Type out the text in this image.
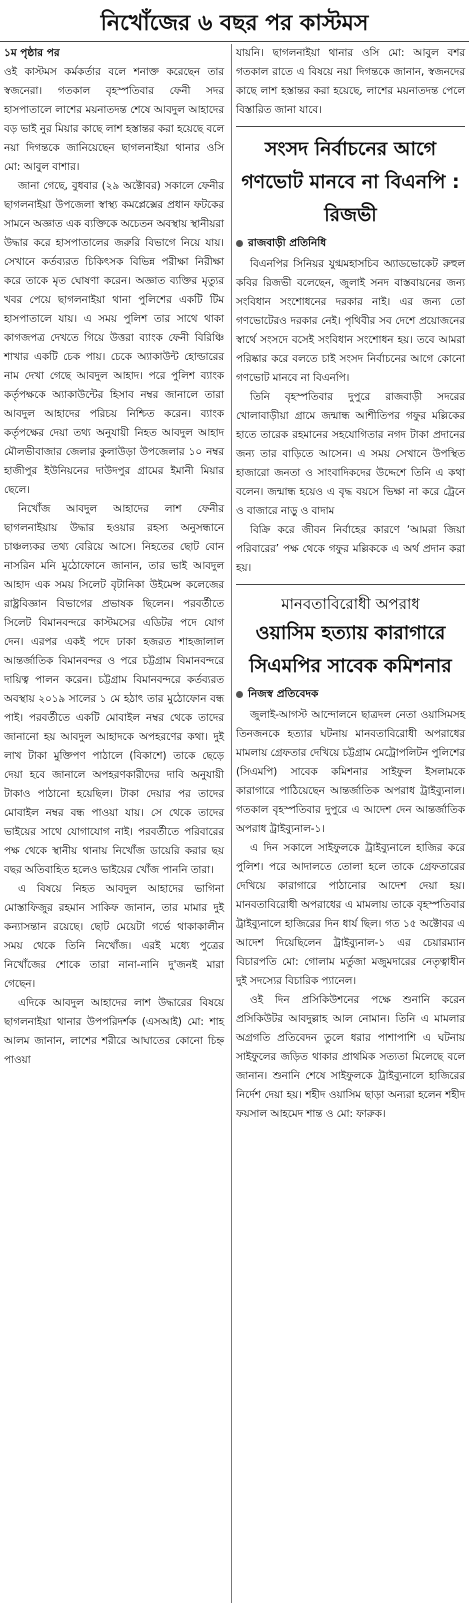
নিখোঁজের ৬ বছর পর কাস্টমস
১ম পৃষ্ঠার পর

ওই কাস্টমস কর্মকর্তার বলে শনাক্ত করেছেন তার স্বজনেরা। গতকাল বৃহস্পতিবার ফেনী সদর হাসপাতালে লাশের ময়নাতদন্ত শেষে আবদুল আহাদের বড় ভাই নুর মিয়ার কাছে লাশ হস্তান্তর করা হয়েছে বলে নয়া দিগন্তকে জানিয়েছেন ছাগলনাইয়া থানার ওসি মো: আবুল বাশার।

জানা গেছে, বুধবার (২৯ অক্টোবর) সকালে ফেনীর ছাগলনাইয়া উপজেলা স্বাস্থ্য কমপ্লেক্সের প্রধান ফটকের সামনে অজ্ঞাত এক ব্যক্তিকে অচেতন অবস্থায় স্থানীয়রা উদ্ধার করে হাসপাতালের জরুরি বিভাগে নিয়ে যায়। সেখানে কর্তব্যরত চিকিৎসক বিভিন্ন পরীক্ষা নিরীক্ষা করে তাকে মৃত ঘোষণা করেন। অজ্ঞাত ব্যক্তির মৃত্যুর খবর পেয়ে ছাগলনাইয়া থানা পুলিশের একটি টিম হাসপাতালে যায়। এ সময় পুলিশ তার সাথে থাকা কাগজপত্র দেখতে গিয়ে উত্তরা ব্যাংক ফেনী বিরিঞ্চি শাখার একটি চেক পায়। চেকে অ্যাকাউন্ট হোল্ডারের নাম দেখা গেছে আবদুল আহাদ। পরে পুলিশ ব্যাংক কর্তৃপক্ষকে অ্যাকাউন্টের হিসাব নম্বর জানালে তারা আবদুল আহাদের পরিচয় নিশ্চিত করেন। ব্যাংক কর্তৃপক্ষের দেয়া তথ্য অনুযায়ী নিহত আবদুল আহাদ মৌলভীবাজার জেলার কুলাউড়া উপজেলার ১০ নম্বর হাজীপুর ইউনিয়নের দাউদপুর গ্রামের ইমানী মিয়ার ছেলে।

নিখোঁজ আবদুল আহাদের লাশ ফেনীর ছাগলনাইয়ায় উদ্ধার হওয়ার রহস্য অনুসন্ধানে চাঞ্চল্যকর তথ্য বেরিয়ে আসে। নিহতের ছোট বোন নাসরিন মনি মুঠোফোনে জানান, তার ভাই আবদুল আহাদ এক সময় সিলেট বৃটানিকা উইমেন্স কলেজের রাষ্ট্রবিজ্ঞান বিভাগের প্রভাষক ছিলেন। পরবর্তীতে সিলেট বিমানবন্দরে কাস্টমসের এডিটর পদে যোগ দেন। এরপর একই পদে ঢাকা হজরত শাহজালাল আন্তর্জাতিক বিমানবন্দর ও পরে চট্টগ্রাম বিমানবন্দরে দায়িত্ব পালন করেন। চট্টগ্রাম বিমানবন্দরে কর্তব্যরত অবস্থায় ২০১৯ সালের ১ মে হঠাৎ তার মুঠোফোন বন্ধ পাই। পরবর্তীতে একটি মোবাইল নম্বর থেকে তাদের জানানো হয় আবদুল আহাদকে অপহরণের কথা। দুই লাখ টাকা মুক্তিপণ পাঠালে (বিকাশে) তাকে ছেড়ে দেয়া হবে জানালে অপহরণকারীদের দাবি অনুযায়ী টাকাও পাঠানো হয়েছিল। টাকা দেয়ার পর তাদের মোবাইল নম্বর বন্ধ পাওয়া যায়। সে থেকে তাদের ভাইয়ের সাথে যোগাযোগ নাই। পরবর্তীতে পরিবারের পক্ষ থেকে স্থানীয় থানায় নিখোঁজ ডায়েরি করার ছয় বছর অতিবাহিত হলেও ভাইয়ের খোঁজ পাননি তারা।

এ বিষয়ে নিহত আবদুল আহাদের ভাগিনা মোস্তাফিজুর রহমান সাকিফ জানান, তার মামার দুই কন্যাসন্তান রয়েছে। ছোট মেয়েটা গর্ভে থাকাকালীন সময় থেকে তিনি নিখোঁজ। এরই মধ্যে পুত্রের নিখোঁজের শোকে তারা নানা-নানি দু'জনই মারা গেছেন।

এদিকে আবদুল আহাদের লাশ উদ্ধারের বিষয়ে ছাগলনাইয়া থানার উপপরিদর্শক (এসআই) মো: শাহ আলম জানান, লাশের শরীরে আঘাতের কোনো চিহ্ন পাওয়া

যায়নি। ছাগলনাইয়া থানার ওসি মো: আবুল বশর গতকাল রাতে এ বিষয়ে নয়া দিগন্তকে জানান, স্বজনদের কাছে লাশ হস্তান্তর করা হয়েছে, লাশের ময়নাতদন্ত পেলে বিস্তারিত জানা যাবে।

সংসদ নির্বাচনের আগে গণভোট মানবে না বিএনপি : রিজভী
রাজবাড়ী প্রতিনিধি

বিএনপির সিনিয়র যুগ্মমহাসচিব অ্যাডভোকেট রুহুল কবির রিজভী বলেছেন, জুলাই সনদ বাস্তবায়নের জন্য সংবিধান সংশোধনের দরকার নাই। এর জন্য তো গণভোটেরও দরকার নেই। পৃথিবীর সব দেশে প্রয়োজনের স্বার্থে সংসদে বসেই সংবিধান সংশোধন হয়। তবে আমরা পরিষ্কার করে বলতে চাই সংসদ নির্বাচনের আগে কোনো গণভোট মানবে না বিএনপি।

তিনি বৃহস্পতিবার দুপুরে রাজবাড়ী সদরের খোলাবাড়ীয়া গ্রামে জন্মান্ধ আশীতিপর গফুর মল্লিকের হাতে তারেক রহমানের সহযোগিতার নগদ টাকা প্রদানের জন্য তার বাড়িতে আসেন। এ সময় সেখানে উপস্থিত হাজারো জনতা ও সাংবাদিকদের উদ্দেশে তিনি এ কথা বলেন। জন্মান্ধ হয়েও এ বৃদ্ধ বয়সে ভিক্ষা না করে ট্রেনে ও বাজারে নাড়ু ও বাদাম

বিক্রি করে জীবন নির্বাহের কারণে ‘আমরা জিয়া পরিবারের’ পক্ষ থেকে গফুর মল্লিককে এ অর্থ প্রদান করা হয়।

মানবতাবিরোধী অপরাধ
ওয়াসিম হত্যায় কারাগারে সিএমপির সাবেক কমিশনার
নিজস্ব প্রতিবেদক

জুলাই-আগস্ট আন্দোলনে ছাত্রদল নেতা ওয়াসিমসহ তিনজনকে হত্যার ঘটনায় মানবতাবিরোধী অপরাধের মামলায় গ্রেফতার দেখিয়ে চট্টগ্রাম মেট্রোপলিটন পুলিশের (সিএমপি) সাবেক কমিশনার সাইফুল ইসলামকে কারাগারে পাঠিয়েছেন আন্তর্জাতিক অপরাধ ট্রাইব্যুনাল। গতকাল বৃহস্পতিবার দুপুরে এ আদেশ দেন আন্তর্জাতিক অপরাধ ট্রাইব্যুনাল-১।

এ দিন সকালে সাইফুলকে ট্রাইব্যুনালে হাজির করে পুলিশ। পরে আদালতে তোলা হলে তাকে গ্রেফতারের দেখিয়ে কারাগারে পাঠানোর আদেশ দেয়া হয়। মানবতাবিরোধী অপরাধের এ মামলায় তাকে বৃহস্পতিবার ট্রাইব্যুনালে হাজিরের দিন ধার্য ছিল। গত ১৫ অক্টোবর এ আদেশ দিয়েছিলেন ট্রাইব্যুনাল-১ এর চেয়ারম্যান বিচারপতি মো: গোলাম মর্তুজা মজুমদারের নেতৃত্বাধীন দুই সদস্যের বিচারিক প্যানেল।

ওই দিন প্রসিকিউশনের পক্ষে শুনানি করেন প্রসিকিউটর আবদুল্লাহ আল নোমান। তিনি এ মামলার অগ্রগতি প্রতিবেদন তুলে ধরার পাশাপাশি এ ঘটনায় সাইফুলের জড়িত থাকার প্রাথমিক সত্যতা মিলেছে বলে জানান। শুনানি শেষে সাইফুলকে ট্রাইব্যুনালে হাজিরের নির্দেশ দেয়া হয়। শহীদ ওয়াসিম ছাড়া অন্যরা হলেন শহীদ ফয়সাল আহমেদ শান্ত ও মো: ফারুক।
